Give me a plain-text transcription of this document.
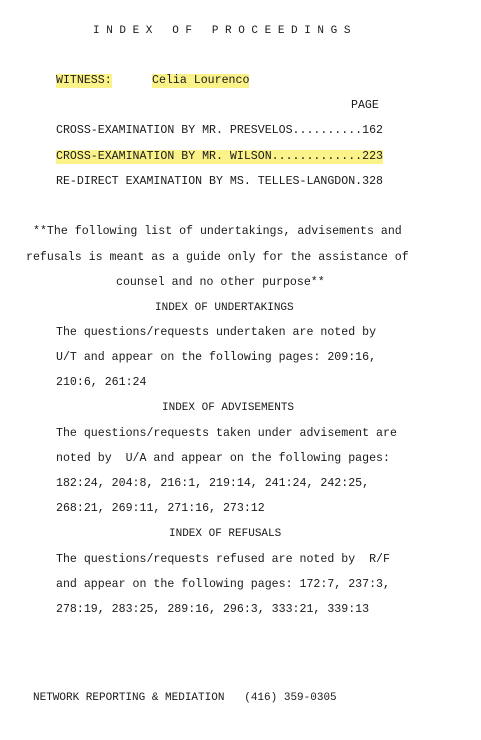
I N D E X   O F   P R O C E E D I N G S
WITNESS:	Celia Lourenco
PAGE
CROSS-EXAMINATION BY MR. PRESVELOS..........162
CROSS-EXAMINATION BY MR. WILSON.............223
RE-DIRECT EXAMINATION BY MS. TELLES-LANGDON.328
**The following list of undertakings, advisements and
refusals is meant as a guide only for the assistance of
counsel and no other purpose**
INDEX OF UNDERTAKINGS
The questions/requests undertaken are noted by
U/T and appear on the following pages: 209:16,
210:6, 261:24
INDEX OF ADVISEMENTS
The questions/requests taken under advisement are
noted by  U/A and appear on the following pages:
182:24, 204:8, 216:1, 219:14, 241:24, 242:25,
268:21, 269:11, 271:16, 273:12
INDEX OF REFUSALS
The questions/requests refused are noted by  R/F
and appear on the following pages: 172:7, 237:3,
278:19, 283:25, 289:16, 296:3, 333:21, 339:13
NETWORK REPORTING & MEDIATION   (416) 359-0305
